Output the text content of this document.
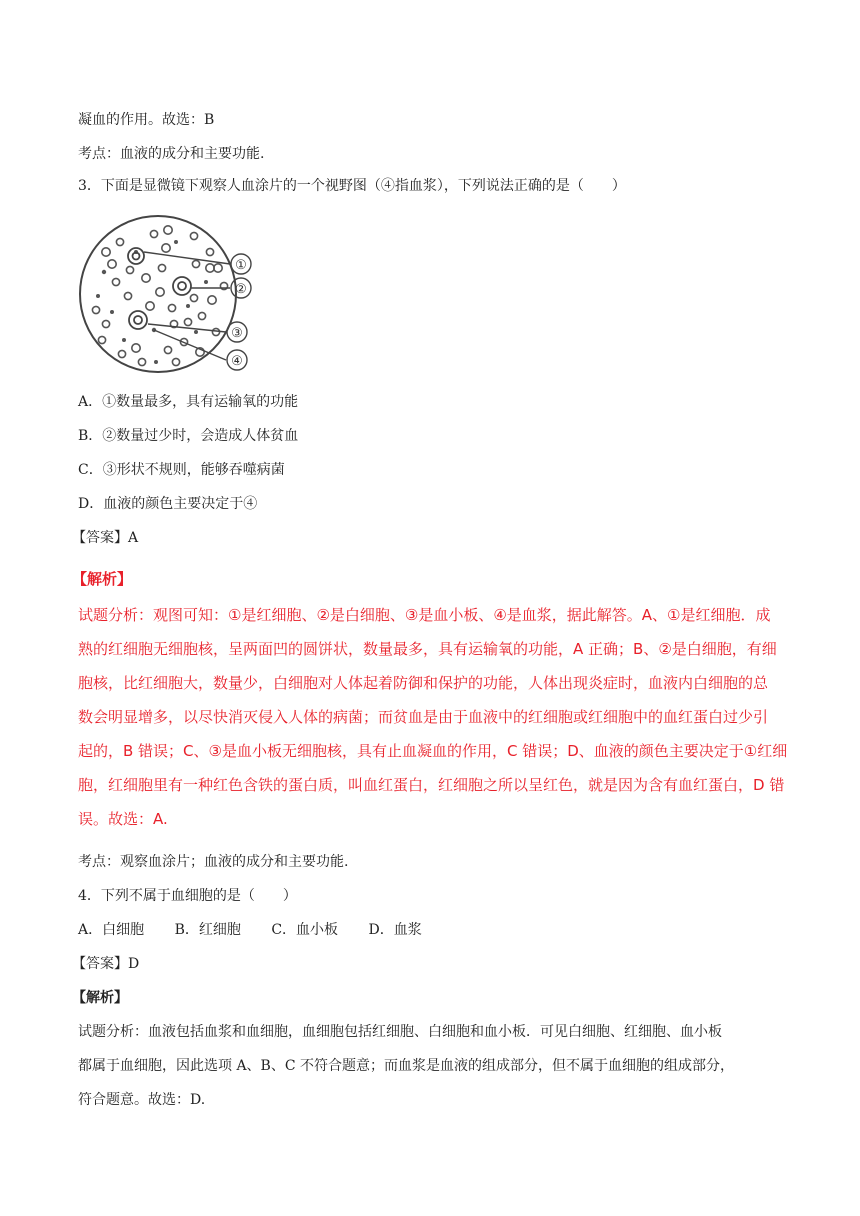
凝血的作用。故选：B
考点：血液的成分和主要功能.
3．下面是显微镜下观察人血涂片的一个视野图（④指血浆），下列说法正确的是（　　）
①
②
③
④
A．①数量最多，具有运输氧的功能
B．②数量过少时，会造成人体贫血
C．③形状不规则，能够吞噬病菌
D．血液的颜色主要决定于④
【答案】A
【解析】
试题分析：观图可知：①是红细胞、②是白细胞、③是血小板、④是血浆，据此解答。A、①是红细胞．成
熟的红细胞无细胞核，呈两面凹的圆饼状，数量最多，具有运输氧的功能，A 正确；B、②是白细胞，有细
胞核，比红细胞大，数量少，白细胞对人体起着防御和保护的功能，人体出现炎症时，血液内白细胞的总
数会明显增多，以尽快消灭侵入人体的病菌；而贫血是由于血液中的红细胞或红细胞中的血红蛋白过少引
起的，B 错误；C、③是血小板无细胞核，具有止血凝血的作用，C 错误；D、血液的颜色主要决定于①红细
胞，红细胞里有一种红色含铁的蛋白质，叫血红蛋白，红细胞之所以呈红色，就是因为含有血红蛋白，D 错
误。故选：A.
考点：观察血涂片；血液的成分和主要功能.
4．下列不属于血细胞的是（　　）
A．白细胞 B．红细胞 C．血小板 D．血浆
【答案】D
【解析】
试题分析：血液包括血浆和血细胞，血细胞包括红细胞、白细胞和血小板．可见白细胞、红细胞、血小板
都属于血细胞，因此选项 A、B、C 不符合题意；而血浆是血液的组成部分，但不属于血细胞的组成部分，
符合题意。故选：D.
